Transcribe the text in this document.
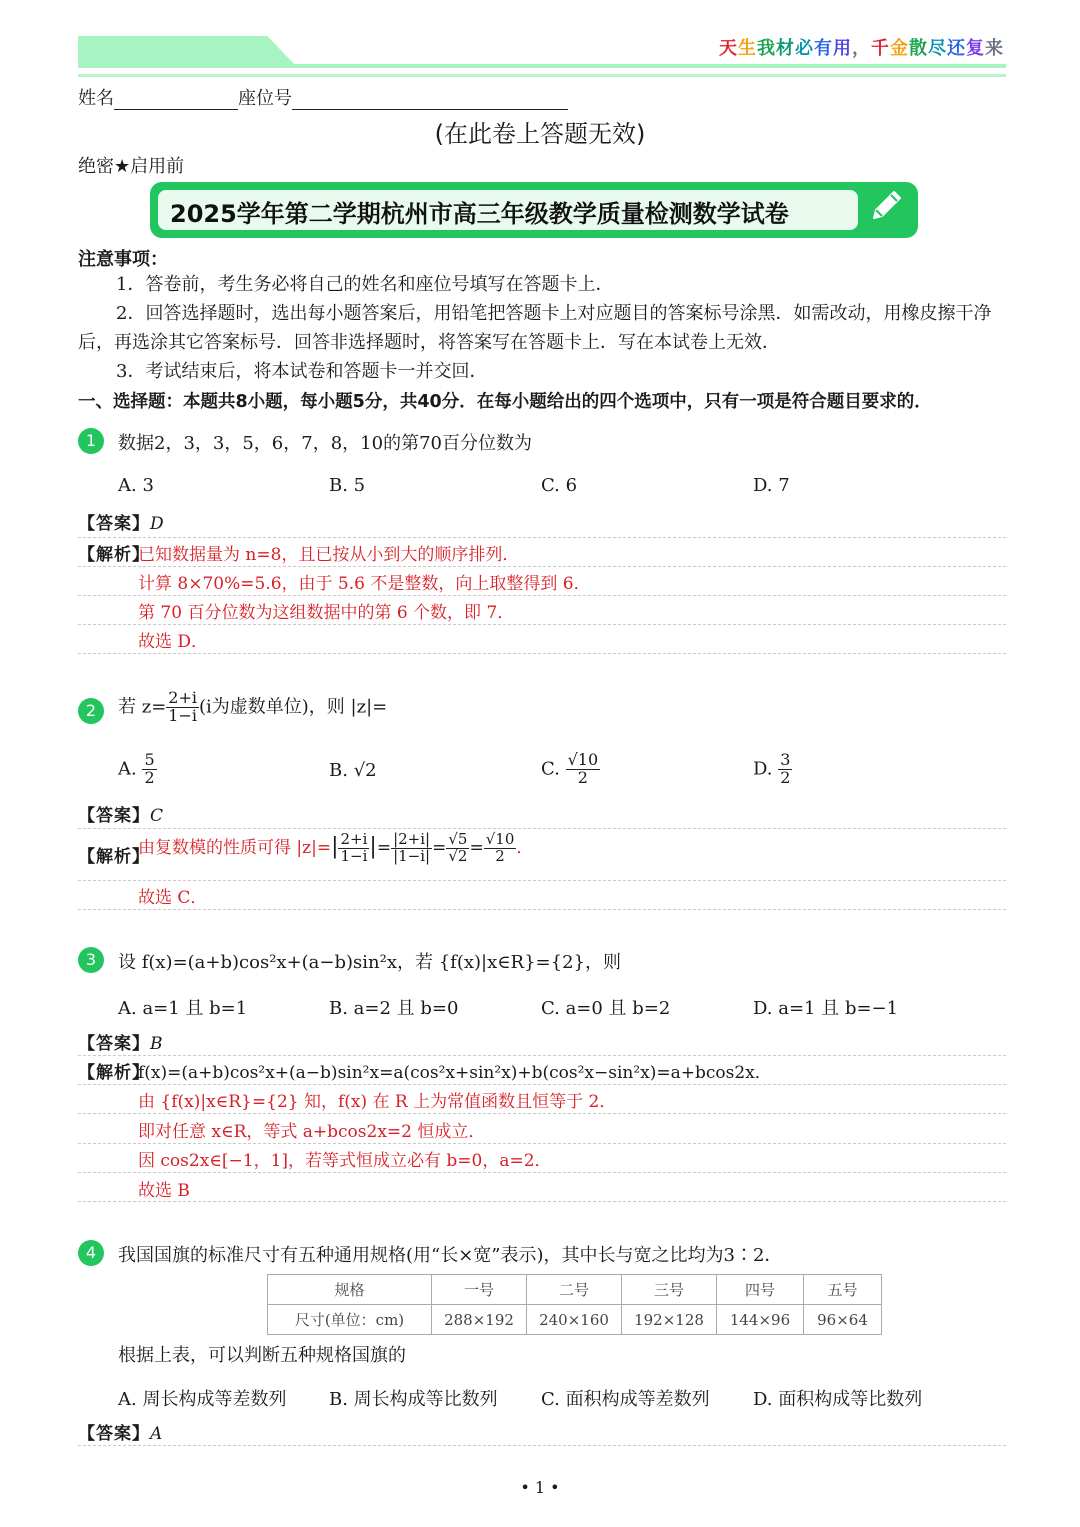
天生我材必有用，千金散尽还复来
姓名	座位号
(在此卷上答题无效)
绝密★启用前
2025学年第二学期杭州市高三年级教学质量检测数学试卷
注意事项：
1．答卷前，考生务必将自己的姓名和座位号填写在答题卡上．
2．回答选择题时，选出每小题答案后，用铅笔把答题卡上对应题目的答案标号涂黑．如需改动，用橡皮擦干净后，再选涂其它答案标号．回答非选择题时，将答案写在答题卡上．写在本试卷上无效．
3．考试结束后，将本试卷和答题卡一并交回．
一、选择题：本题共8小题，每小题5分，共40分．在每小题给出的四个选项中，只有一项是符合题目要求的．
1	数据2，3，3，5，6，7，8，10的第70百分位数为
A. 3	B. 5	C. 6	D. 7
【答案】D
【解析】
已知数据量为 n=8，且已按从小到大的顺序排列．
计算 8×70%=5.6，由于 5.6 不是整数，向上取整得到 6．
第 70 百分位数为这组数据中的第 6 个数，即 7．
故选 D．
2	若 $z= \frac{2+i}{1-i} (i$为虚数单位)，则 |z|=
A. $\frac{5}{2}$	B. √2	C. $\frac{√10}{2}$	D. $\frac{3}{2}$
【答案】C
【解析】
由复数模的性质可得 $|z|=| \frac{2+i}{1-i}$ |= $\frac{|2+i|}{|1-i|} = \frac{√5}{√2} = \frac{√10}{2}$ ．
故选 C．
3	设 f(x)=(a+b)cos²x+(a−b)sin²x，若 {f(x)|x∈R}={2}，则
A. a=1 且 b=1	B. a=2 且 b=0	C. a=0 且 b=2	D. a=1 且 b=−1
【答案】B
【解析】
f(x)=(a+b)cos²x+(a−b)sin²x=a(cos²x+sin²x)+b(cos²x−sin²x)=a+bcos2x．
由 {f(x)|x∈R}={2} 知，f(x) 在 R 上为常值函数且恒等于 2．
即对任意 x∈R，等式 a+bcos2x=2 恒成立．
因 cos2x∈[−1，1]，若等式恒成立必有 b=0，a=2．
故选 B
4	我国国旗的标准尺寸有五种通用规格(用“长×宽”表示)，其中长与宽之比均为3∶2．
规格	一号	二号	三号	四号	五号
尺寸(单位：cm)	288×192	240×160	192×128	144×96	96×64
根据上表，可以判断五种规格国旗的
A. 周长构成等差数列 B. 周长构成等比数列 C. 面积构成等差数列 D. 面积构成等比数列
【答案】A
• 1 •
